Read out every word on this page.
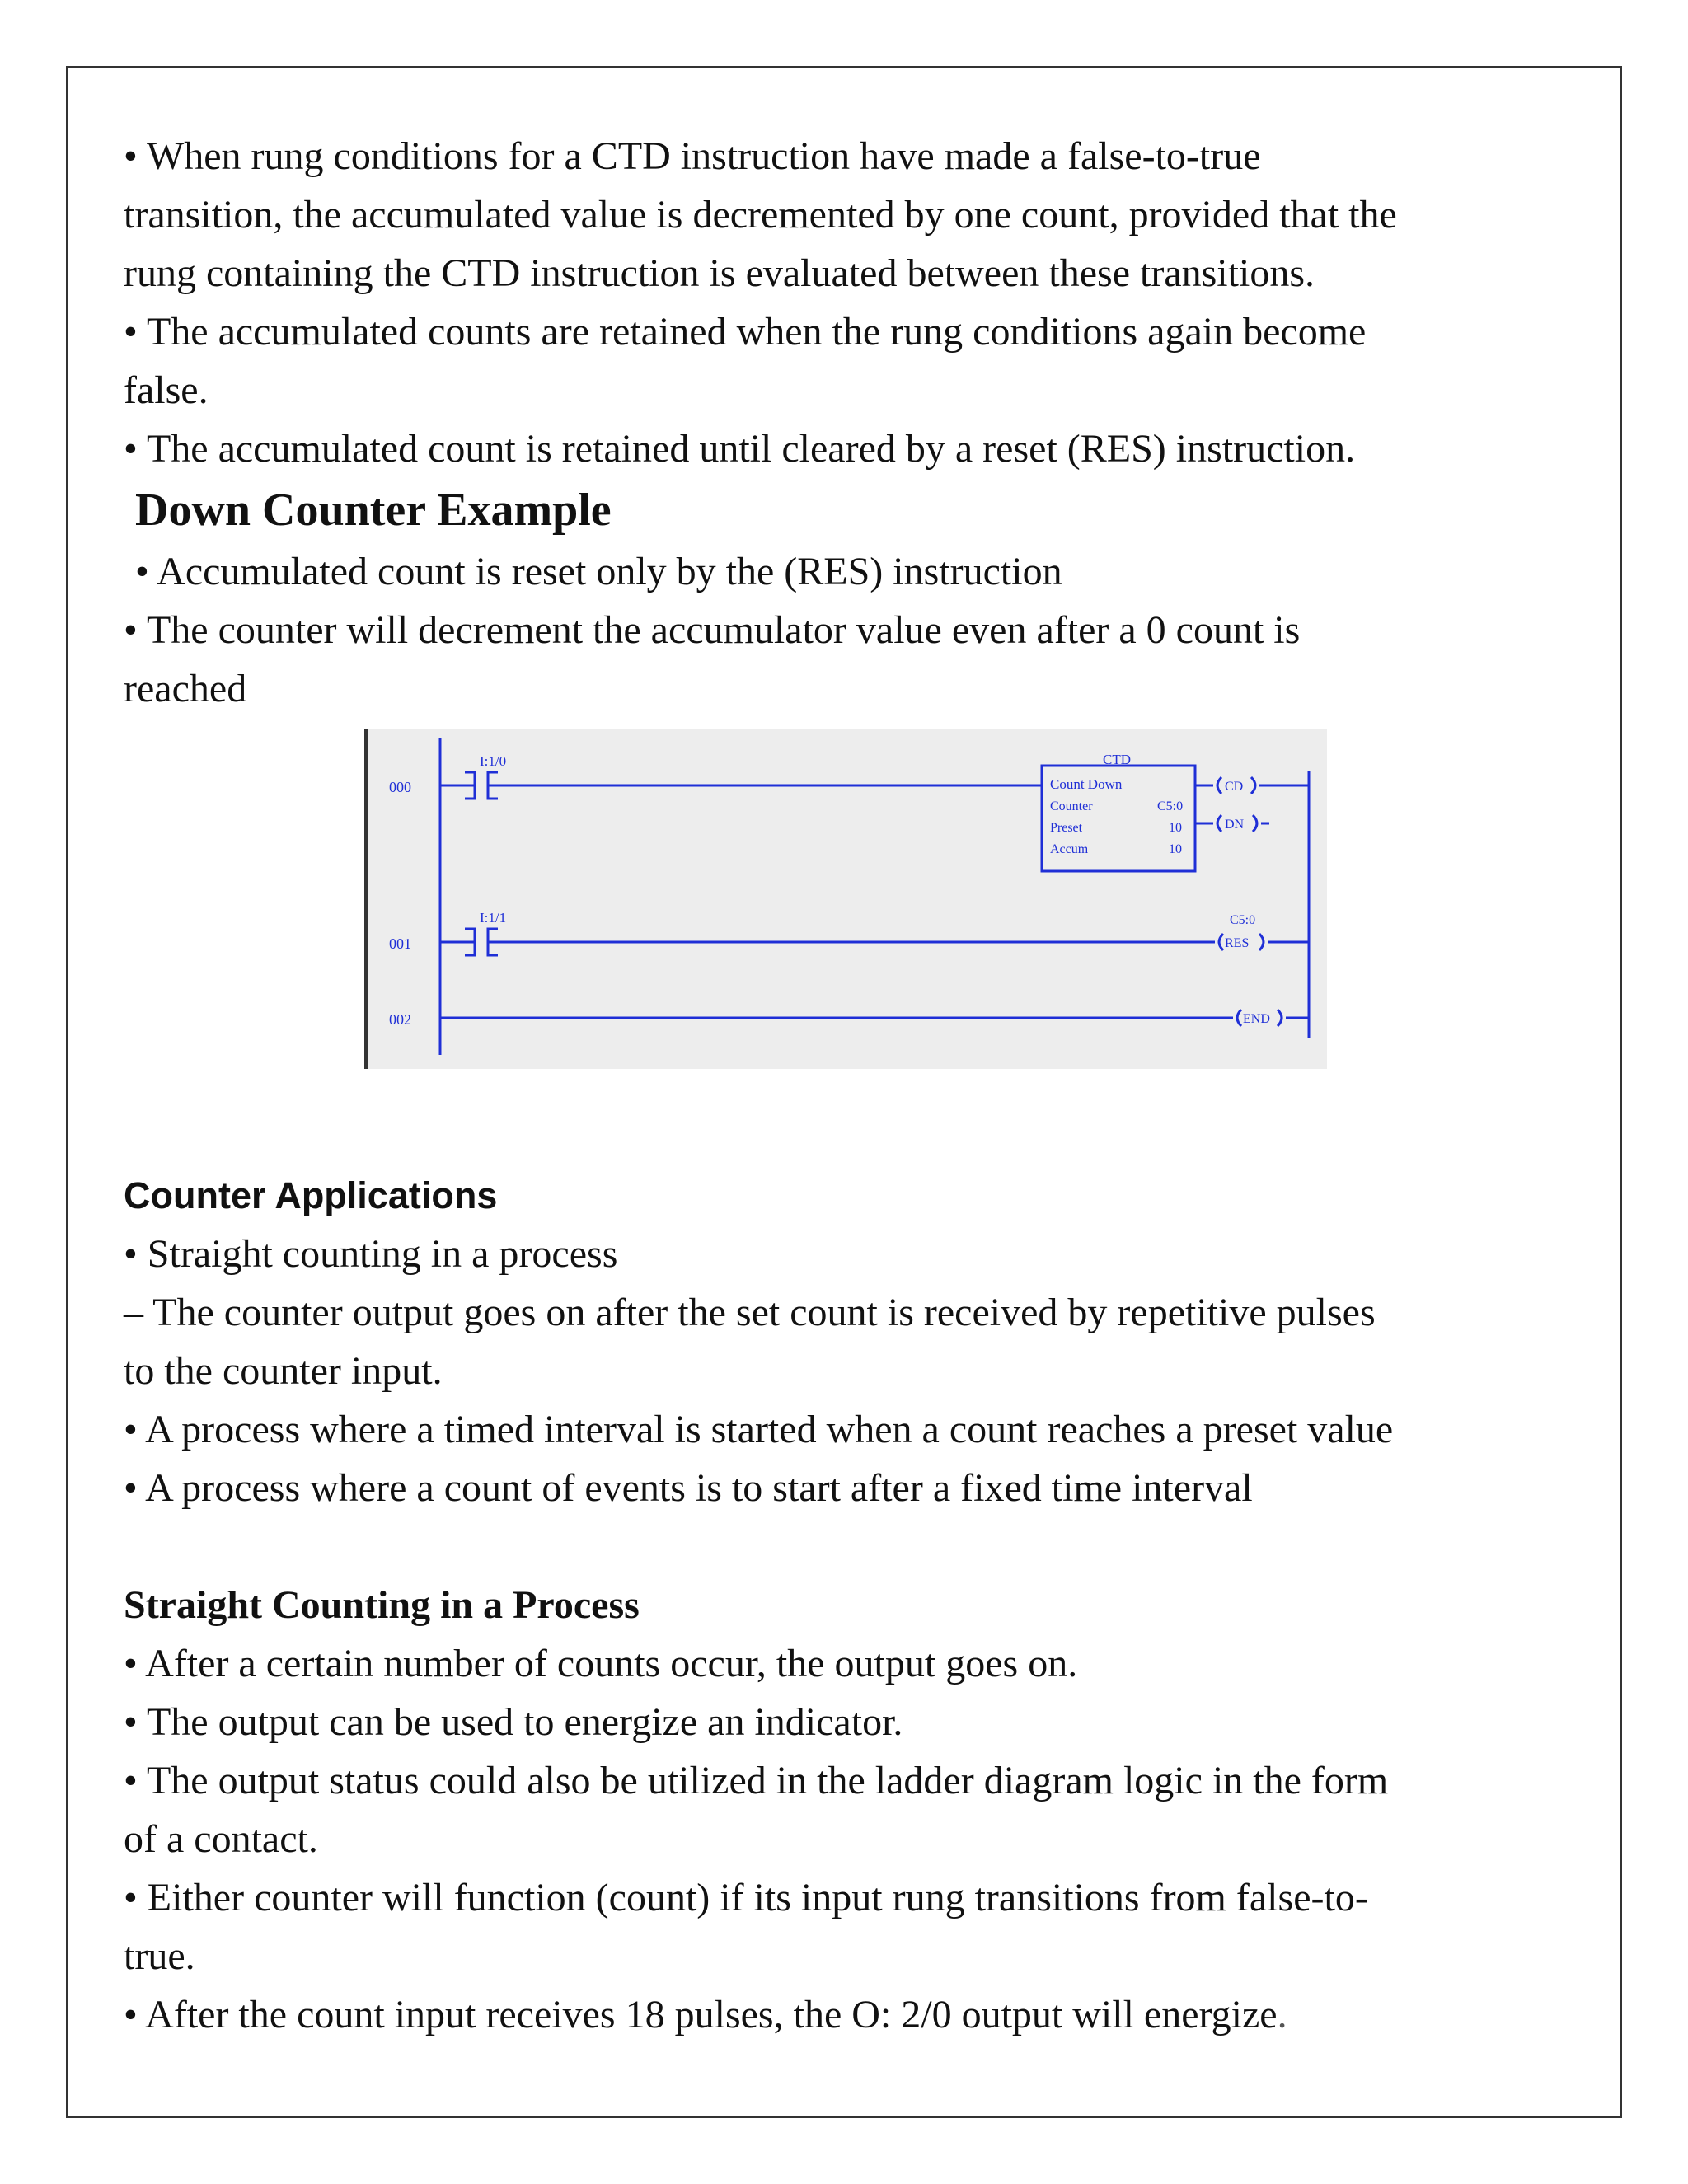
• When rung conditions for a CTD instruction have made a false-to-true
transition, the accumulated value is decremented by one count, provided that the
rung containing the CTD instruction is evaluated between these transitions.
• The accumulated counts are retained when the rung conditions again become
false.
• The accumulated count is retained until cleared by a reset (RES) instruction.
Down Counter Example
• Accumulated count is reset only by the (RES) instruction
• The counter will decrement the accumulator value even after a 0 count is
reached
000
I:1/0
001
I:1/1
002
CTD
Count Down
Counter	C5:0
Preset	10
Accum	10
CD
DN
C5:0
RES
END
Counter Applications
• Straight counting in a process
– The counter output goes on after the set count is received by repetitive pulses
to the counter input.
• A process where a timed interval is started when a count reaches a preset value
• A process where a count of events is to start after a fixed time interval
Straight Counting in a Process
• After a certain number of counts occur, the output goes on.
• The output can be used to energize an indicator.
• The output status could also be utilized in the ladder diagram logic in the form
of a contact.
• Either counter will function (count) if its input rung transitions from false-to-
true.
• After the count input receives 18 pulses, the O: 2/0 output will energize.
